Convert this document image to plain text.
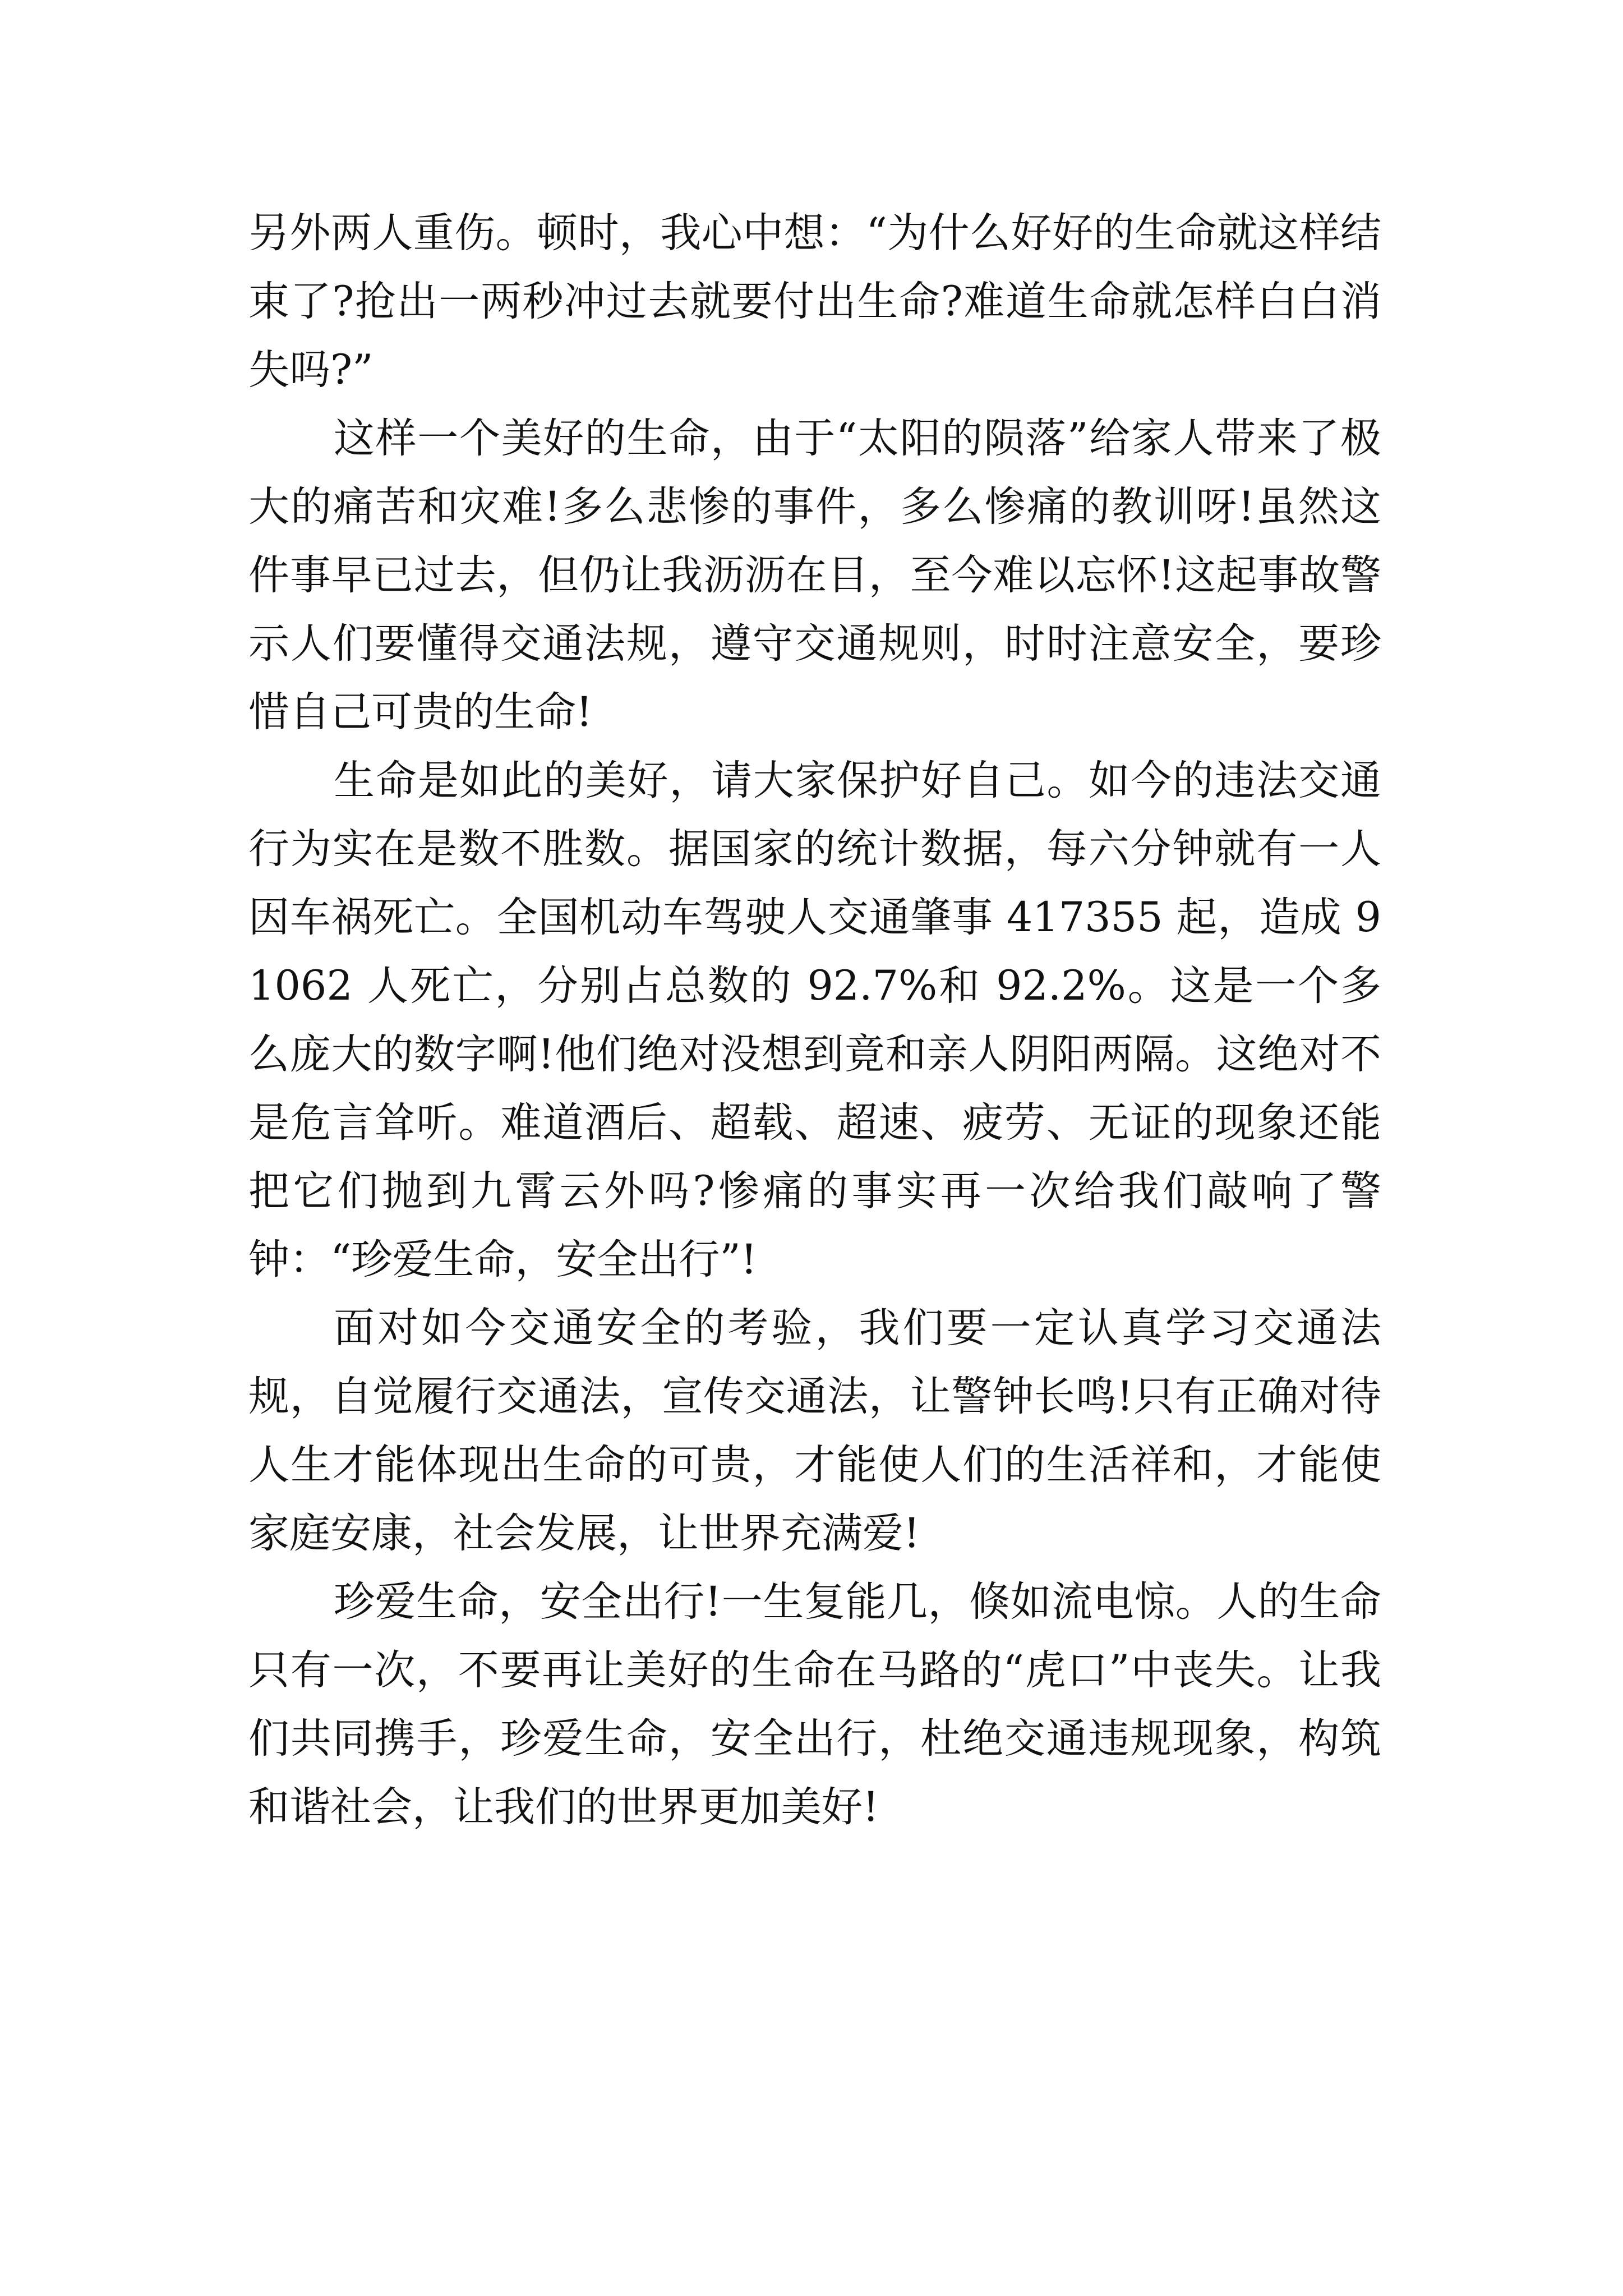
另外两人重伤。顿时，我心中想：“为什么好好的生命就这样结束了?抢出一两秒冲过去就要付出生命?难道生命就怎样白白消失吗?”

这样一个美好的生命，由于“太阳的陨落”给家人带来了极大的痛苦和灾难!多么悲惨的事件，多么惨痛的教训呀!虽然这件事早已过去，但仍让我沥沥在目，至今难以忘怀!这起事故警示人们要懂得交通法规，遵守交通规则，时时注意安全，要珍惜自己可贵的生命!

生命是如此的美好，请大家保护好自己。如今的违法交通行为实在是数不胜数。据国家的统计数据，每六分钟就有一人因车祸死亡。全国机动车驾驶人交通肇事 417355 起，造成 91062 人死亡，分别占总数的 92.7%和 92.2%。这是一个多么庞大的数字啊!他们绝对没想到竟和亲人阴阳两隔。这绝对不是危言耸听。难道酒后、超载、超速、疲劳、无证的现象还能把它们抛到九霄云外吗?惨痛的事实再一次给我们敲响了警钟：“珍爱生命，安全出行”!

面对如今交通安全的考验，我们要一定认真学习交通法规，自觉履行交通法，宣传交通法，让警钟长鸣!只有正确对待人生才能体现出生命的可贵，才能使人们的生活祥和，才能使家庭安康，社会发展，让世界充满爱!

珍爱生命，安全出行!一生复能几，倏如流电惊。人的生命只有一次，不要再让美好的生命在马路的“虎口”中丧失。让我们共同携手，珍爱生命，安全出行，杜绝交通违规现象，构筑和谐社会，让我们的世界更加美好!
